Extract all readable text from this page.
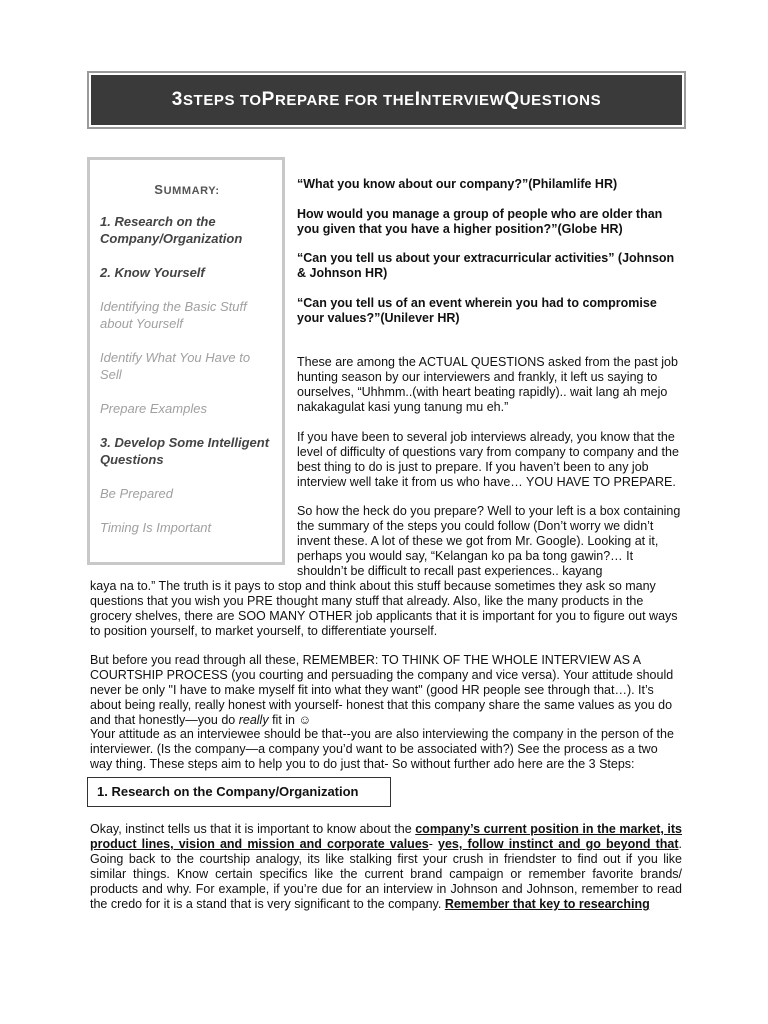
3 STEPS TO P REPARE FOR THE I NTERVIEW Q UESTIONS
SUMMARY:
1. Research on the Company/Organization
2. Know Yourself
Identifying the Basic Stuff about Yourself
Identify What You Have to Sell
Prepare Examples
3. Develop Some Intelligent Questions
Be Prepared
Timing Is Important
“What you know about our company?”(Philamlife HR)
How would you manage a group of people who are older than you given that you have a higher position?”(Globe HR)
“Can you tell us about your extracurricular activities” (Johnson & Johnson HR)
“Can you tell us of an event wherein you had to compromise your values?”(Unilever HR)
These are among the ACTUAL QUESTIONS asked from the past job hunting season by our interviewers and frankly, it left us saying to ourselves, “Uhhmm..(with heart beating rapidly).. wait lang ah mejo nakakagulat kasi yung tanung mu eh.”
If you have been to several job interviews already, you know that the level of difficulty of questions vary from company to company and the best thing to do is just to prepare. If you haven’t been to any job interview well take it from us who have… YOU HAVE TO PREPARE.
So how the heck do you prepare? Well to your left is a box containing the summary of the steps you could follow (Don’t worry we didn’t invent these. A lot of these we got from Mr. Google). Looking at it, perhaps you would say, “Kelangan ko pa ba tong gawin?… It shouldn’t be difficult to recall past experiences.. kayang
kaya na to.” The truth is it pays to stop and think about this stuff because sometimes they ask so many questions that you wish you PRE thought many stuff that already. Also, like the many products in the grocery shelves, there are SOO MANY OTHER job applicants that it is important for you to figure out ways to position yourself, to market yourself, to differentiate yourself.
But before you read through all these, REMEMBER: TO THINK OF THE WHOLE INTERVIEW AS A COURTSHIP PROCESS (you courting and persuading the company and vice versa). Your attitude should never be only "I have to make myself fit into what they want" (good HR people see through that…). It’s about being really, really honest with yourself- honest that this company share the same values as you do and that honestly—you do really fit in ☺
Your attitude as an interviewee should be that--you are also interviewing the company in the person of the interviewer. (Is the company—a company you’d want to be associated with?) See the process as a two way thing. These steps aim to help you to do just that- So without further ado here are the 3 Steps:
1. Research on the Company/Organization
Okay, instinct tells us that it is important to know about the company’s current position in the market, its product lines, vision and mission and corporate values- yes, follow instinct and go beyond that. Going back to the courtship analogy, its like stalking first your crush in friendster to find out if you like similar things. Know certain specifics like the current brand campaign or remember favorite brands/ products and why. For example, if you’re due for an interview in Johnson and Johnson, remember to read the credo for it is a stand that is very significant to the company. Remember that key to researching
